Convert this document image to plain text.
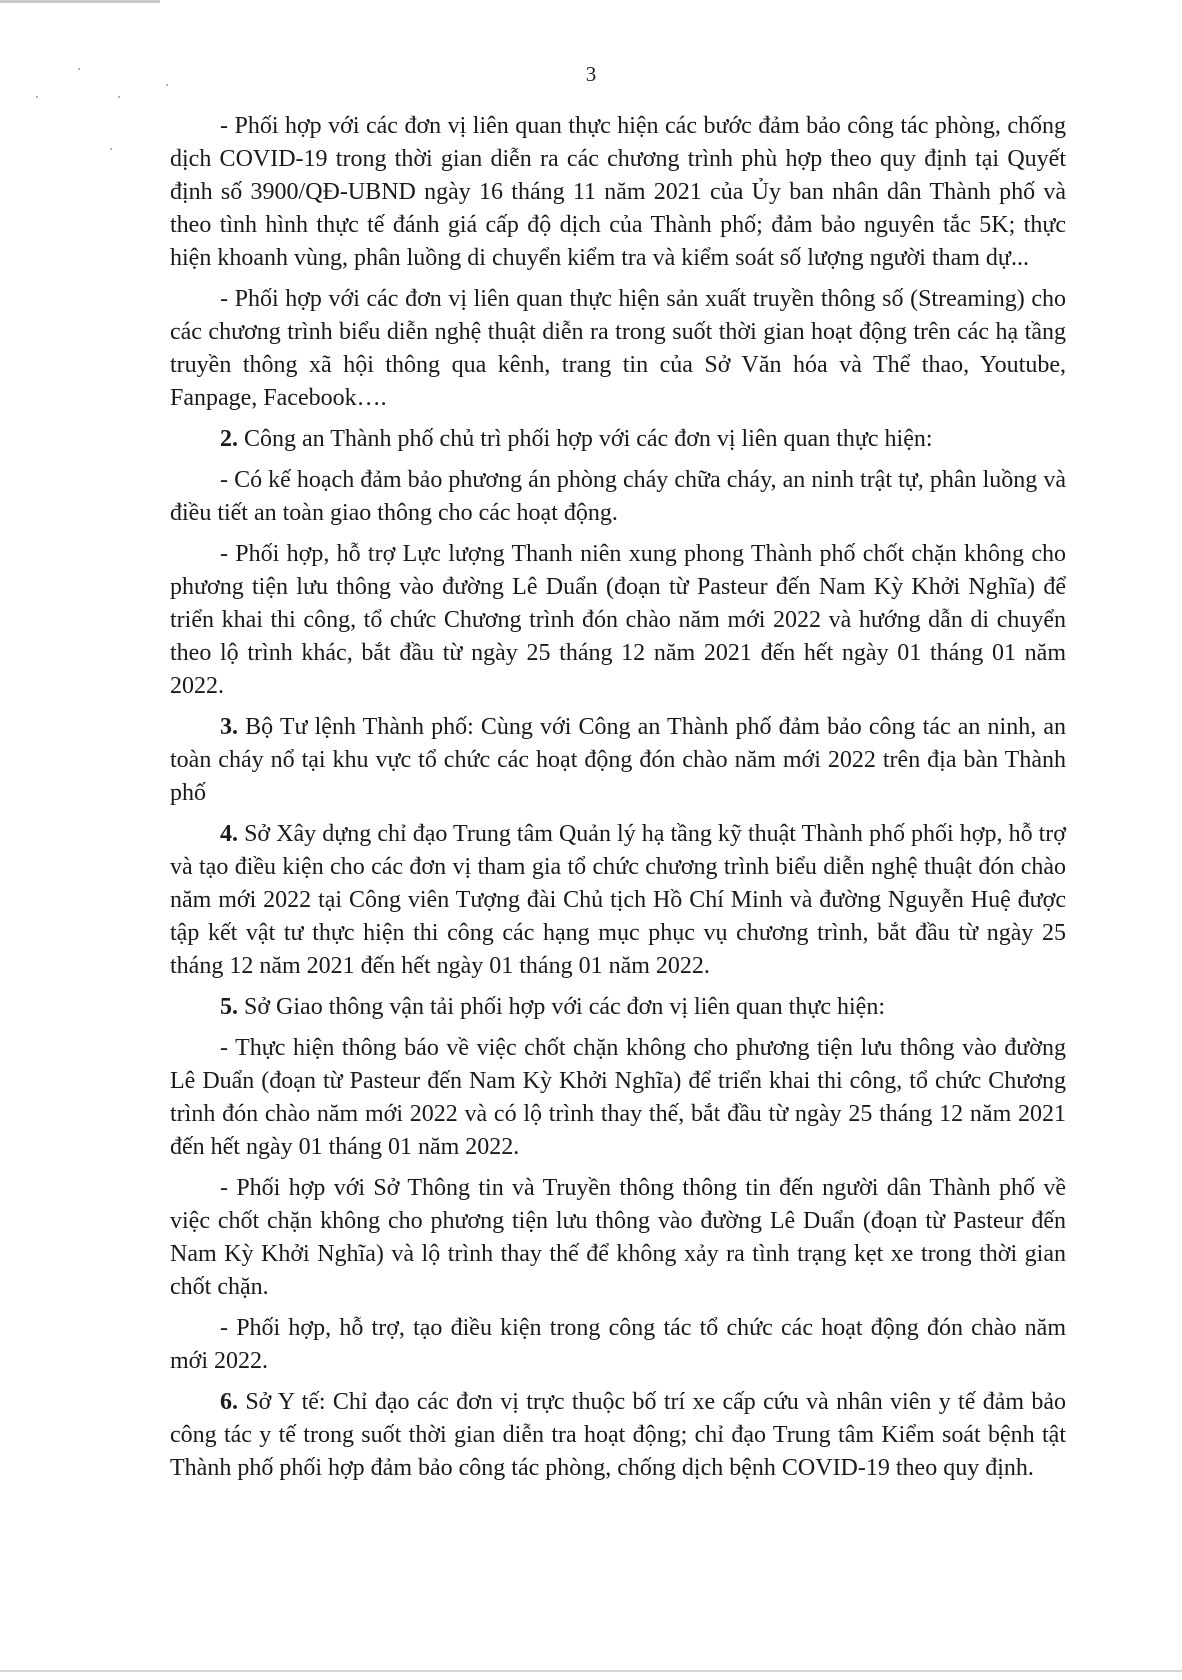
3

- Phối hợp với các đơn vị liên quan thực hiện các bước đảm bảo công tác phòng, chống dịch COVID-19 trong thời gian diễn ra các chương trình phù hợp theo quy định tại Quyết định số 3900/QĐ-UBND ngày 16 tháng 11 năm 2021 của Ủy ban nhân dân Thành phố và theo tình hình thực tế đánh giá cấp độ dịch của Thành phố; đảm bảo nguyên tắc 5K; thực hiện khoanh vùng, phân luồng di chuyển kiểm tra và kiểm soát số lượng người tham dự...

- Phối hợp với các đơn vị liên quan thực hiện sản xuất truyền thông số (Streaming) cho các chương trình biểu diễn nghệ thuật diễn ra trong suốt thời gian hoạt động trên các hạ tầng truyền thông xã hội thông qua kênh, trang tin của Sở Văn hóa và Thể thao, Youtube, Fanpage, Facebook….

2. Công an Thành phố chủ trì phối hợp với các đơn vị liên quan thực hiện:

- Có kế hoạch đảm bảo phương án phòng cháy chữa cháy, an ninh trật tự, phân luồng và điều tiết an toàn giao thông cho các hoạt động.

- Phối hợp, hỗ trợ Lực lượng Thanh niên xung phong Thành phố chốt chặn không cho phương tiện lưu thông vào đường Lê Duẩn (đoạn từ Pasteur đến Nam Kỳ Khởi Nghĩa) để triển khai thi công, tổ chức Chương trình đón chào năm mới 2022 và hướng dẫn di chuyển theo lộ trình khác, bắt đầu từ ngày 25 tháng 12 năm 2021 đến hết ngày 01 tháng 01 năm 2022.

3. Bộ Tư lệnh Thành phố: Cùng với Công an Thành phố đảm bảo công tác an ninh, an toàn cháy nổ tại khu vực tổ chức các hoạt động đón chào năm mới 2022 trên địa bàn Thành phố

4. Sở Xây dựng chỉ đạo Trung tâm Quản lý hạ tầng kỹ thuật Thành phố phối hợp, hỗ trợ và tạo điều kiện cho các đơn vị tham gia tổ chức chương trình biểu diễn nghệ thuật đón chào năm mới 2022 tại Công viên Tượng đài Chủ tịch Hồ Chí Minh và đường Nguyễn Huệ được tập kết vật tư thực hiện thi công các hạng mục phục vụ chương trình, bắt đầu từ ngày 25 tháng 12 năm 2021 đến hết ngày 01 tháng 01 năm 2022.

5. Sở Giao thông vận tải phối hợp với các đơn vị liên quan thực hiện:

- Thực hiện thông báo về việc chốt chặn không cho phương tiện lưu thông vào đường Lê Duẩn (đoạn từ Pasteur đến Nam Kỳ Khởi Nghĩa) để triển khai thi công, tổ chức Chương trình đón chào năm mới 2022 và có lộ trình thay thế, bắt đầu từ ngày 25 tháng 12 năm 2021 đến hết ngày 01 tháng 01 năm 2022.

- Phối hợp với Sở Thông tin và Truyền thông thông tin đến người dân Thành phố về việc chốt chặn không cho phương tiện lưu thông vào đường Lê Duẩn (đoạn từ Pasteur đến Nam Kỳ Khởi Nghĩa) và lộ trình thay thế để không xảy ra tình trạng kẹt xe trong thời gian chốt chặn.

- Phối hợp, hỗ trợ, tạo điều kiện trong công tác tổ chức các hoạt động đón chào năm mới 2022.

6. Sở Y tế: Chỉ đạo các đơn vị trực thuộc bố trí xe cấp cứu và nhân viên y tế đảm bảo công tác y tế trong suốt thời gian diễn tra hoạt động; chỉ đạo Trung tâm Kiểm soát bệnh tật Thành phố phối hợp đảm bảo công tác phòng, chống dịch bệnh COVID-19 theo quy định.
